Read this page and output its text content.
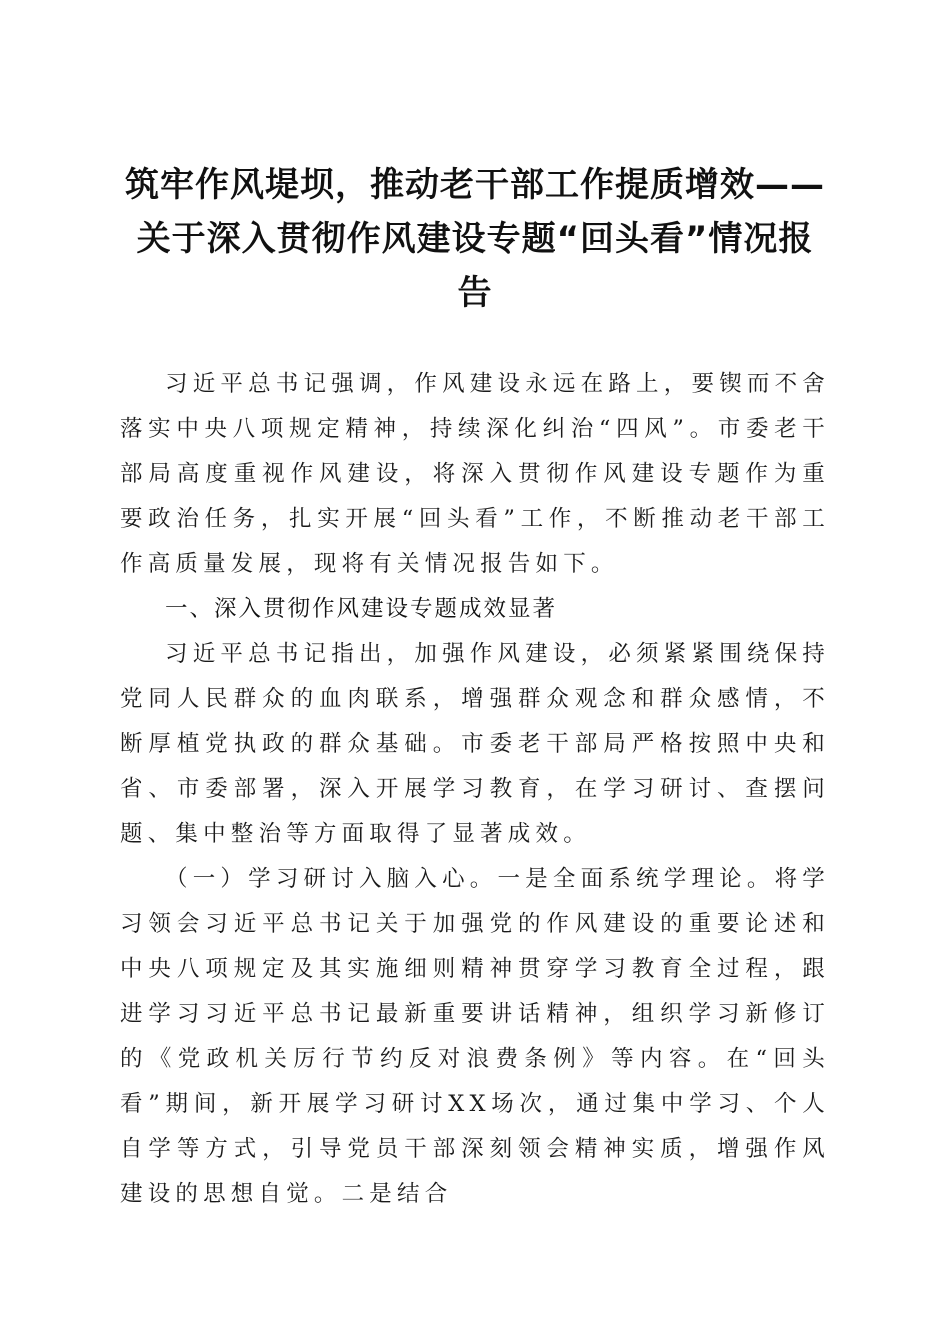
筑牢作风堤坝，推动老干部工作提质增效——
关于深入贯彻作风建设专题“回头看”情况报
告

习近平总书记强调，作风建设永远在路上，要锲而不舍落实中央八项规定精神，持续深化纠治“四风”。市委老干部局高度重视作风建设，将深入贯彻作风建设专题作为重要政治任务，扎实开展“回头看”工作，不断推动老干部工作高质量发展，现将有关情况报告如下。

一、深入贯彻作风建设专题成效显著

习近平总书记指出，加强作风建设，必须紧紧围绕保持党同人民群众的血肉联系，增强群众观念和群众感情，不断厚植党执政的群众基础。市委老干部局严格按照中央和省、市委部署，深入开展学习教育，在学习研讨、查摆问题、集中整治等方面取得了显著成效。

（一）学习研讨入脑入心。一是全面系统学理论。将学习领会习近平总书记关于加强党的作风建设的重要论述和中央八项规定及其实施细则精神贯穿学习教育全过程，跟进学习习近平总书记最新重要讲话精神，组织学习新修订的《党政机关厉行节约反对浪费条例》等内容。在“回头看”期间，新开展学习研讨XX场次，通过集中学习、个人自学等方式，引导党员干部深刻领会精神实质，增强作风建设的思想自觉。二是结合
